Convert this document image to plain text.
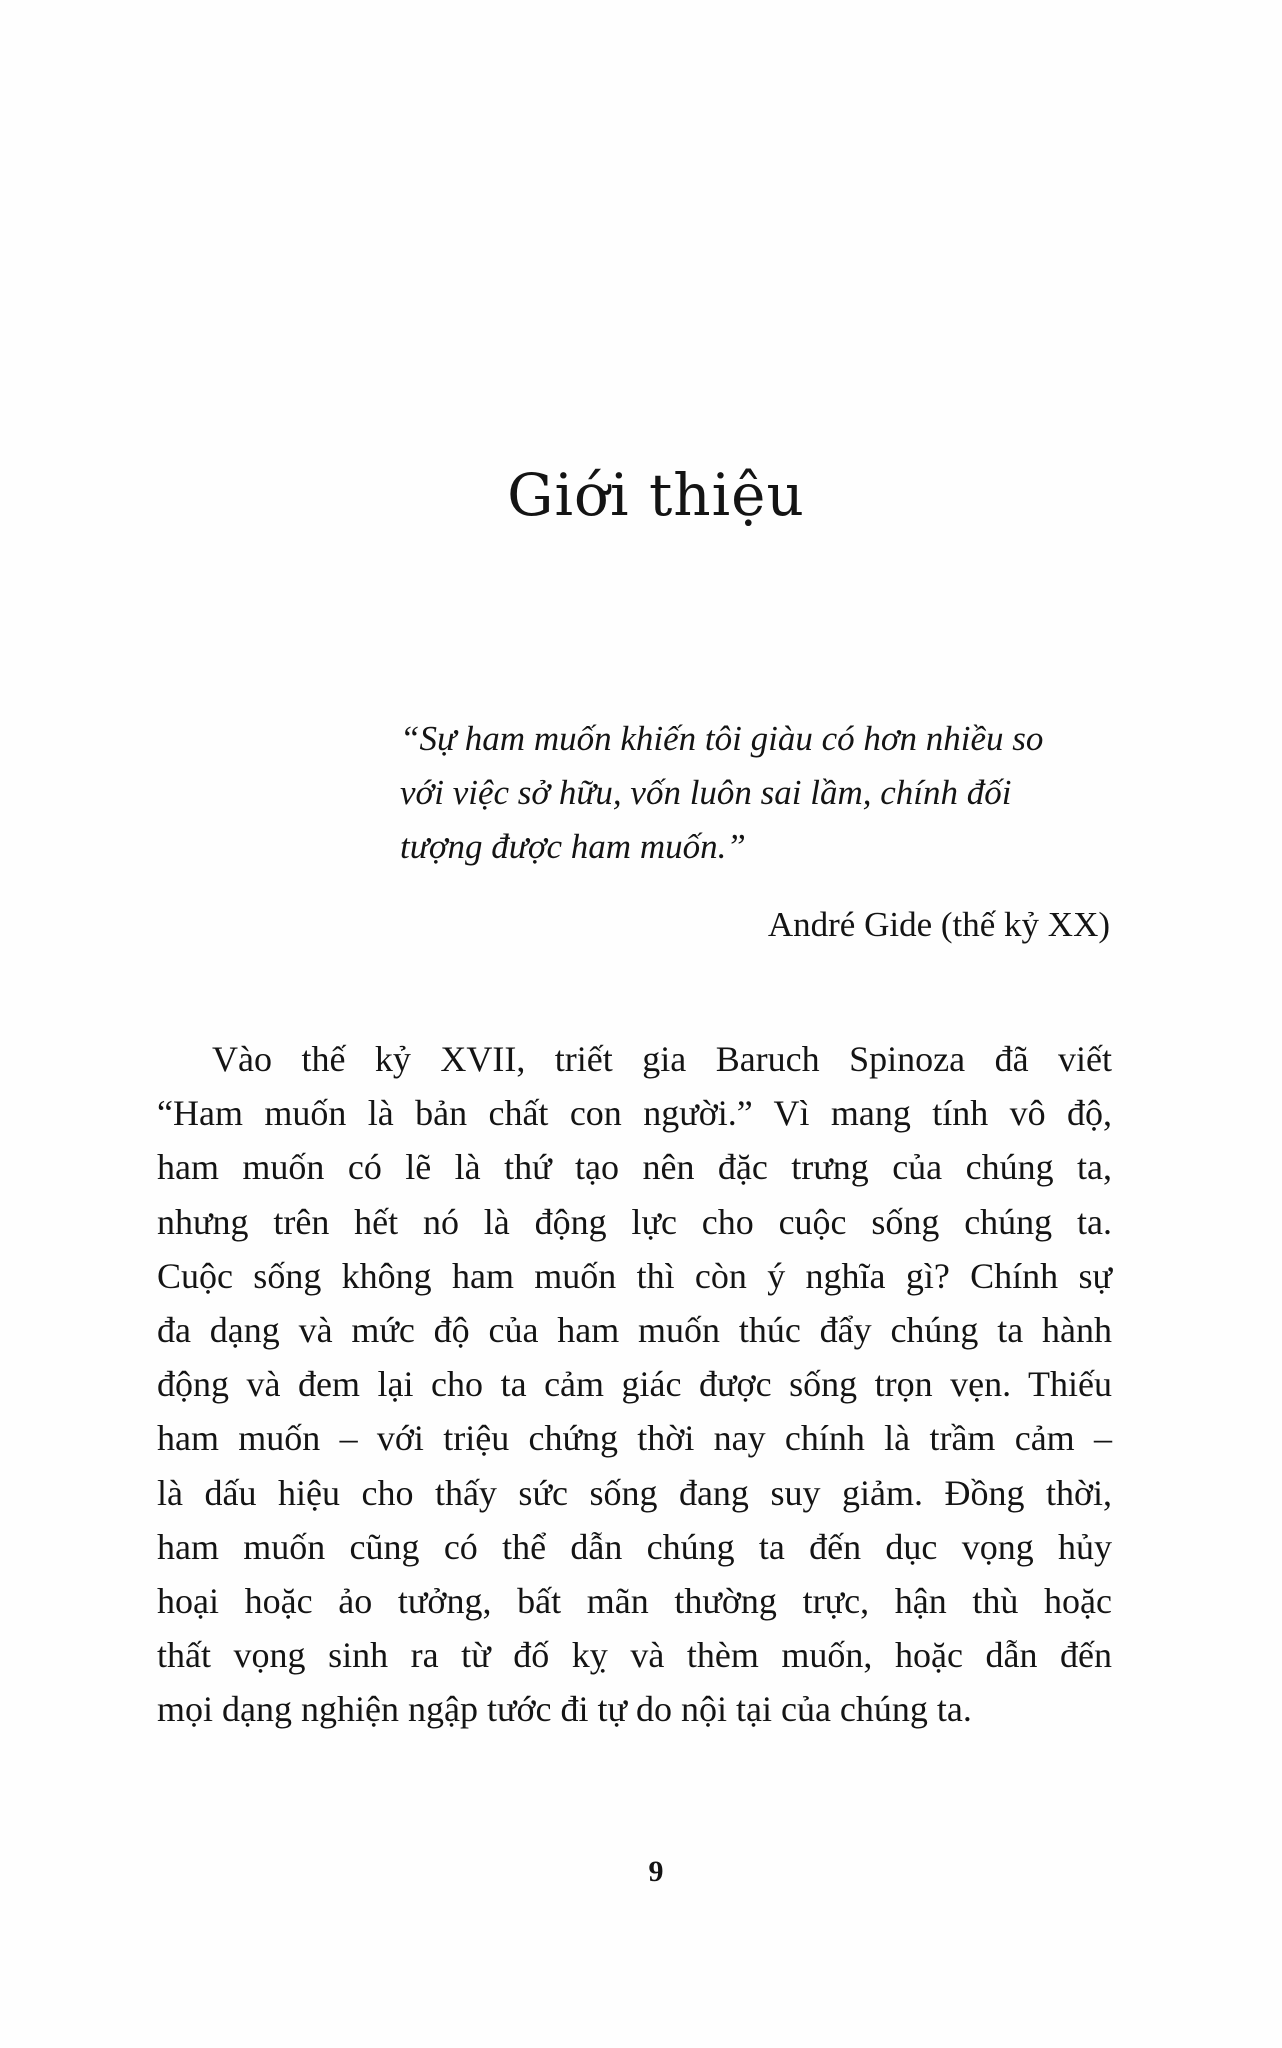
Giới thiệu

“Sự ham muốn khiến tôi giàu có hơn nhiều so
với việc sở hữu, vốn luôn sai lầm, chính đối
tượng được ham muốn.”

André Gide (thế kỷ XX)

Vào thế kỷ XVII, triết gia Baruch Spinoza đã viết
“Ham muốn là bản chất con người.” Vì mang tính vô độ,
ham muốn có lẽ là thứ tạo nên đặc trưng của chúng ta,
nhưng trên hết nó là động lực cho cuộc sống chúng ta.
Cuộc sống không ham muốn thì còn ý nghĩa gì? Chính sự
đa dạng và mức độ của ham muốn thúc đẩy chúng ta hành
động và đem lại cho ta cảm giác được sống trọn vẹn. Thiếu
ham muốn – với triệu chứng thời nay chính là trầm cảm –
là dấu hiệu cho thấy sức sống đang suy giảm. Đồng thời,
ham muốn cũng có thể dẫn chúng ta đến dục vọng hủy
hoại hoặc ảo tưởng, bất mãn thường trực, hận thù hoặc
thất vọng sinh ra từ đố kỵ và thèm muốn, hoặc dẫn đến
mọi dạng nghiện ngập tước đi tự do nội tại của chúng ta.
9
